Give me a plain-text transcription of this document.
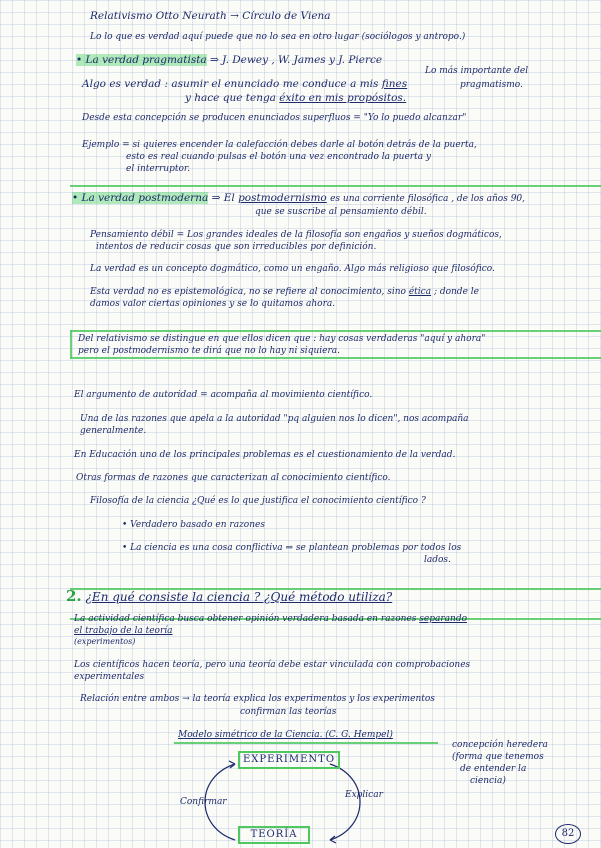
Relativismo Otto Neurath → Círculo de Viena
Lo lo que es verdad aquí puede que no lo sea en otro lugar (sociólogos y antropo.)
• La verdad pragmatista ⇒ J. Dewey , W. James y J. Pierce
Lo más importante del
Algo es verdad : asumir el enunciado me conduce a mis fines	pragmatismo.
y hace que tenga éxito en mis propósitos.
Desde esta concepción se producen enunciados superfluos = "Yo lo puedo alcanzar"
Ejemplo = si quieres encender la calefacción debes darle al botón detrás de la puerta,
esto es real cuando pulsas el botón una vez encontrado la puerta y
el interruptor.
• La verdad postmoderna ⇒ El postmodernismo es una corriente filosófica , de los años 90,
que se suscribe al pensamiento débil.
Pensamiento débil = Los grandes ideales de la filosofía son engaños y sueños dogmáticos,
intentos de reducir cosas que son irreducibles por definición.
La verdad es un concepto dogmático, como un engaño. Algo más religioso que filosófico.
Esta verdad no es epistemológica, no se refiere al conocimiento, sino ética ; donde le
damos valor ciertas opiniones y se lo quitamos ahora.
Del relativismo se distingue en que ellos dicen que : hay cosas verdaderas "aquí y ahora"
pero el postmodernismo te dirá que no lo hay ni siquiera.
El argumento de autoridad = acompaña al movimiento científico.
Una de las razones que apela a la autoridad "pq alguien nos lo dicen", nos acompaña
generalmente.
En Educación uno de los principales problemas es el cuestionamiento de la verdad.
Otras formas de razones que caracterizan al conocimiento científico.
Filosofía de la ciencia ¿Qué es lo que justifica el conocimiento científico ?
• Verdadero basado en razones
• La ciencia es una cosa conflictiva ⇒ se plantean problemas por todos los
lados.
2. ¿En qué consiste la ciencia ? ¿Qué método utiliza?
La actividad científica busca obtener opinión verdadera basada en razones separando
el trabajo de la teoría
(experimentos)
Los científicos hacen teoría, pero una teoría debe estar vinculada con comprobaciones
experimentales
Relación entre ambos → la teoría explica los experimentos y los experimentos
confirman las teorías
Modelo simétrico de la Ciencia. (C. G. Hempel)
concepción heredera
(forma que tenemos
de entender la
ciencia)
EXPERIMENTO
TEORÍA
Confirmar
Explicar
82
